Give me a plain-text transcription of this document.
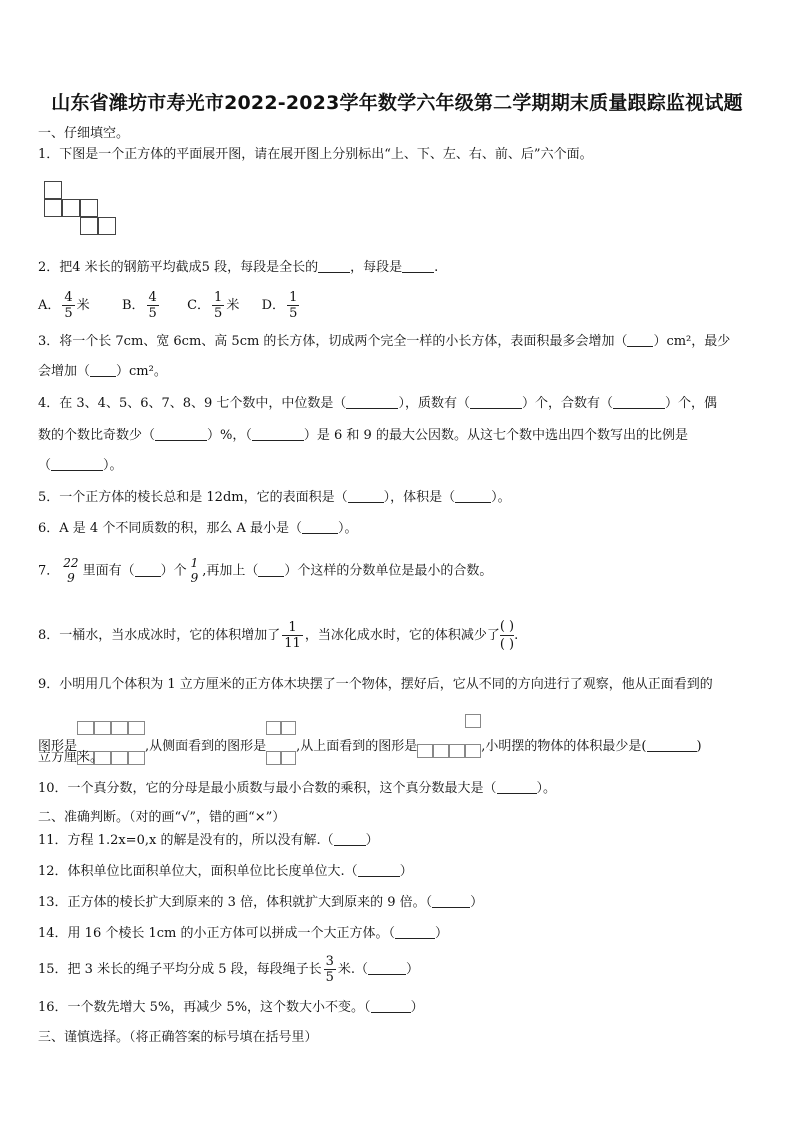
山东省潍坊市寿光市2022-2023学年数学六年级第二学期期末质量跟踪监视试题
一、仔细填空。
1．下图是一个正方体的平面展开图，请在展开图上分别标出“上、下、左、右、前、后”六个面。
2．把4 米长的钢筋平均截成5 段，每段是全长的 ，每段是 .
A． $\frac{4}{5}$ 米 B． $\frac{4}{5}$ C． $\frac{1}{5}$ 米 D． $\frac{1}{5}$
3．将一个长 7cm、宽 6cm、高 5cm 的长方体，切成两个完全一样的小长方体，表面积最多会增加（ ）cm²，最少
会增加（ ）cm²。
4．在 3、4、5、6、7、8、9 七个数中，中位数是（	），质数有（	）个，合数有（	）个，偶
数的个数比奇数少（	）%，（	）是 6 和 9 的最大公因数。从这七个数中选出四个数写出的比例是
（	）。
5．一个正方体的棱长总和是 12dm，它的表面积是（	），体积是（	）。
6．A 是 4 个不同质数的积，那么 A 最小是（	）。
7．
22
9 里面有（ ）个
1
9 ,再加上（ ）个这样的分数单位是最小的合数。
8．一桶水，当水成冰时，它的体积增加了 $\frac{1}{11}$ ，当冰化成水时，它的体积减少了
( )
( )
.
9．小明用几个体积为 1 立方厘米的正方体木块摆了一个物体，摆好后，它从不同的方向进行了观察，他从正面看到的
图形是	,从侧面看到的图形是 ,从上面看到的图形是	,小明摆的物体的体积最少是(	)
立方厘米。
10．一个真分数，它的分母是最小质数与最小合数的乘积，这个真分数最大是（	）。
二、准确判断。（对的画“√”，错的画“×”）
11．方程 1.2x=0,x 的解是没有的，所以没有解.（ ）
12．体积单位比面积单位大，面积单位比长度单位大.（	）
13．正方体的棱长扩大到原来的 3 倍，体积就扩大到原来的 9 倍。（	）
14．用 16 个棱长 1cm 的小正方体可以拼成一个大正方体。（	）
15．把 3 米长的绳子平均分成 5 段，每段绳子长 $\frac{3}{5}$ 米.（	）
16．一个数先增大 5%，再减少 5%，这个数大小不变。（	）
三、谨慎选择。（将正确答案的标号填在括号里）
